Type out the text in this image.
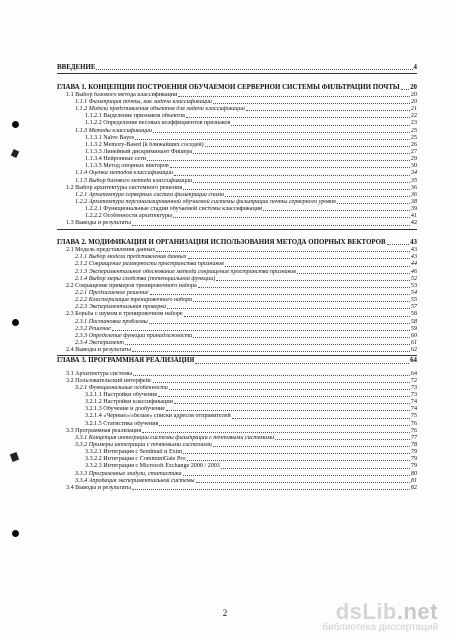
ВВЕДЕНИЕ	4
ГЛАВА 1. КОНЦЕПЦИИ ПОСТРОЕНИЯ ОБУЧАЕМОЙ СЕРВЕРНОЙ СИСТЕМЫ ФИЛЬТРАЦИИ ПОЧТЫ 20
1.1 Выбор базового метода классификации	20
1.1.1 Фильтрация почты, как задача классификации	20
1.1.2 Модели представления объектов для задачи классификации	21
1.1.2.1 Выделение признаков объектов	22
1.1.2.2 Определение весовых коэффициентов признаков	23
1.1.3 Методы классификации	25
1.1.3.1 Naïve Bayes	25
1.1.3.2 Memory-Based (k ближайших соседей)	26
1.1.3.3 Линейный дискриминант Фишера	27
1.1.3.4 Нейронные сети	29
1.1.3.5 Метод опорных векторов	30
1.1.4 Оценка методов классификации	34
1.1.5 Выбор базового метода классификации	35
1.2 Выбор архитектуры системного решения	36
1.2.1 Архитектура серверных систем фильтрации спама	36
1.2.2 Архитектура персонализированной обучаемой системы фильтрации почты серверного уровня	38
1.2.2.1 Функциональные стадии обучаемой системы классификации	39
1.2.2.2 Особенности архитектуры	41
1.3 Выводы и результаты	42
ГЛАВА 2. МОДИФИКАЦИЯ И ОРГАНИЗАЦИЯ ИСПОЛЬЗОВАНИЯ МЕТОДА ОПОРНЫХ ВЕКТОРОВ	43
2.1 Модель представления данных	43
2.1.1 Выбор модели представления данных	43
2.1.2 Сокращение размерности пространства признаков	44
2.1.3 Экспериментальное обоснование метода сокращения пространства признаков	46
2.1.4 Выбор меры сходства (потенциальной функции)	52
2.2 Сокращение примеров тренировочного набора	53
2.2.1 Предлагаемое решение	54
2.2.2 Кластеризация тренировочного набора	55
2.2.3 Экспериментальная проверка	57
2.3 Борьба с шумом в тренировочном наборе	58
2.3.1 Постановка проблемы	58
2.3.2 Решение	59
2.3.3 Определение функции принадлежности	60
2.3.4 Эксперимент	61
2.4 Выводы и результаты	62
ГЛАВА 3. ПРОГРАММНАЯ РЕАЛИЗАЦИЯ	64
3.1 Архитектура системы	64
3.2 Пользовательский интерфейс	72
3.2.1 Функциональные особенности	73
3.2.1.1 Настройки обучения	73
3.2.1.2 Настройки классификации	74
3.2.1.3 Обучение и дообучение	74
3.2.1.4 «Черные»/«белые» списки адресов отправителей	75
3.2.1.5 Статистика обучения	76
3.3 Программная реализация	76
3.3.1 Концепция интеграции системы фильтрации с почтовыми системами	77
3.3.2 Примеры интеграции с почтовыми системами	78
3.3.2.1 Интеграция с Sendmail и Exim	79
3.3.2.2 Интеграция с CommuniGate Pro	79
3.3.2.3 Интеграция с Microsoft Exchange 2000 / 2003	79
3.3.3 Программные модули, статистика	80
3.3.4 Апробация экспериментальной системы	81
3.4 Выводы и результаты	82
2	dsLib.net
библиотека диссертаций
